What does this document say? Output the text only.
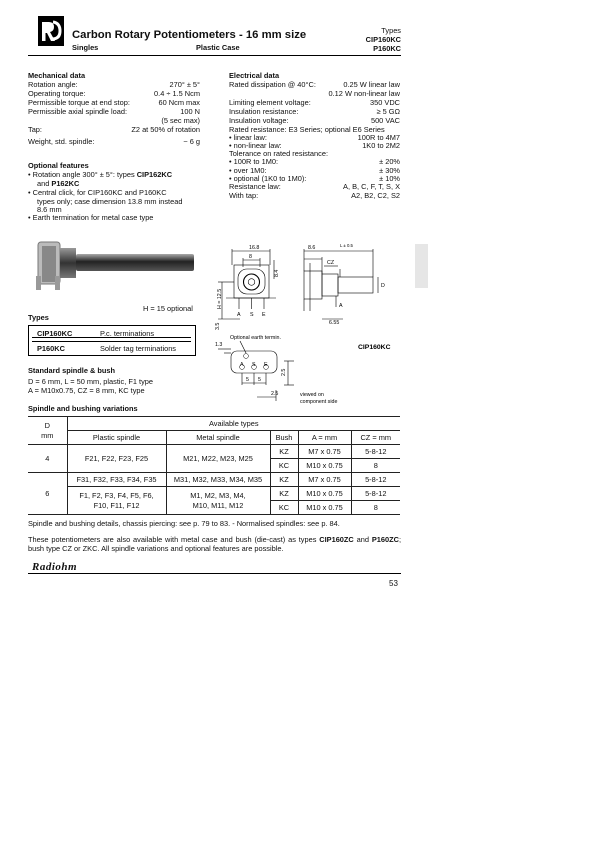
Carbon Rotary Potentiometers - 16 mm size
Singles	Plastic Case
Types
CIP160KC
P160KC
Mechanical data
Rotation angle:	270° ± 5°
Operating torque:	0.4 ÷ 1.5 Ncm
Permissible torque at end stop:	60 Ncm max
Permissible axial spindle load:	100 N
(5 sec max)
Tap:	Z2 at 50% of rotation
Weight, std. spindle:	~ 6 g
Optional features
• Rotation angle 300° ± 5°: types CIP162KC
and P162KC
• Central click, for CIP160KC and P160KC
types only; case dimension 13.8 mm instead
8.6 mm
• Earth termination for metal case type
Electrical data
Rated dissipation @ 40°C:	0.25 W linear law
0.12 W non-linear law
Limiting element voltage:	350 VDC
Insulation resistance:	≥ 5 GΩ
Insulation voltage:	500 VAC
Rated resistance: E3 Series; optional E6 Series
• linear law:	100R to 4M7
• non-linear law:	1K0 to 2M2
Tolerance on rated resistance:
• 100R to 1M0:	± 20%
• over 1M0:	± 30%
• optional (1K0 to 1M0):	± 10%
Resistance law:	A, B, C, F, T, S, X
With tap:	A2, B2, C2, S2
H = 15 optional
Types
CIP160KC	P.c. terminations
P160KC	Solder tag terminations
Standard spindle & bush
D = 6 mm, L = 50 mm, plastic, F1 type
A = M10x0.75, CZ = 8 mm, KC type
16.8
8
8.4
8.6	L ± 0.5
CZ
D
A
6.55
H = 12.5
3.5
A S E
1.3
Optional earth termin.
A S E
2.5
5 5
2.5	viewed on
component side
CIP160KC
Spindle and bushing variations
D
mm	Available types				
	Plastic spindle	Metal spindle	Bush	A = mm	CZ = mm
4	F21, F22, F23, F25	M21, M22, M23, M25	KZ	M7 x 0.75	5-8-12
			KC	M10 x 0.75	8
6	F31, F32, F33, F34, F35	M31, M32, M33, M34, M35	KZ	M7 x 0.75	5-8-12
	F1, F2, F3, F4, F5, F6,
F10, F11, F12	M1, M2, M3, M4,
M10, M11, M12	KZ	M10 x 0.75	5-8-12
			KC	M10 x 0.75	8
Spindle and bushing details, chassis piercing: see p. 79 to 83. - Normalised spindles: see p. 84.
These potentiometers are also available with metal case and bush (die-cast) as types CIP160ZC and P160ZC; bush type CZ or ZKC. All spindle variations and optional features are possible.
Radiohm
53
